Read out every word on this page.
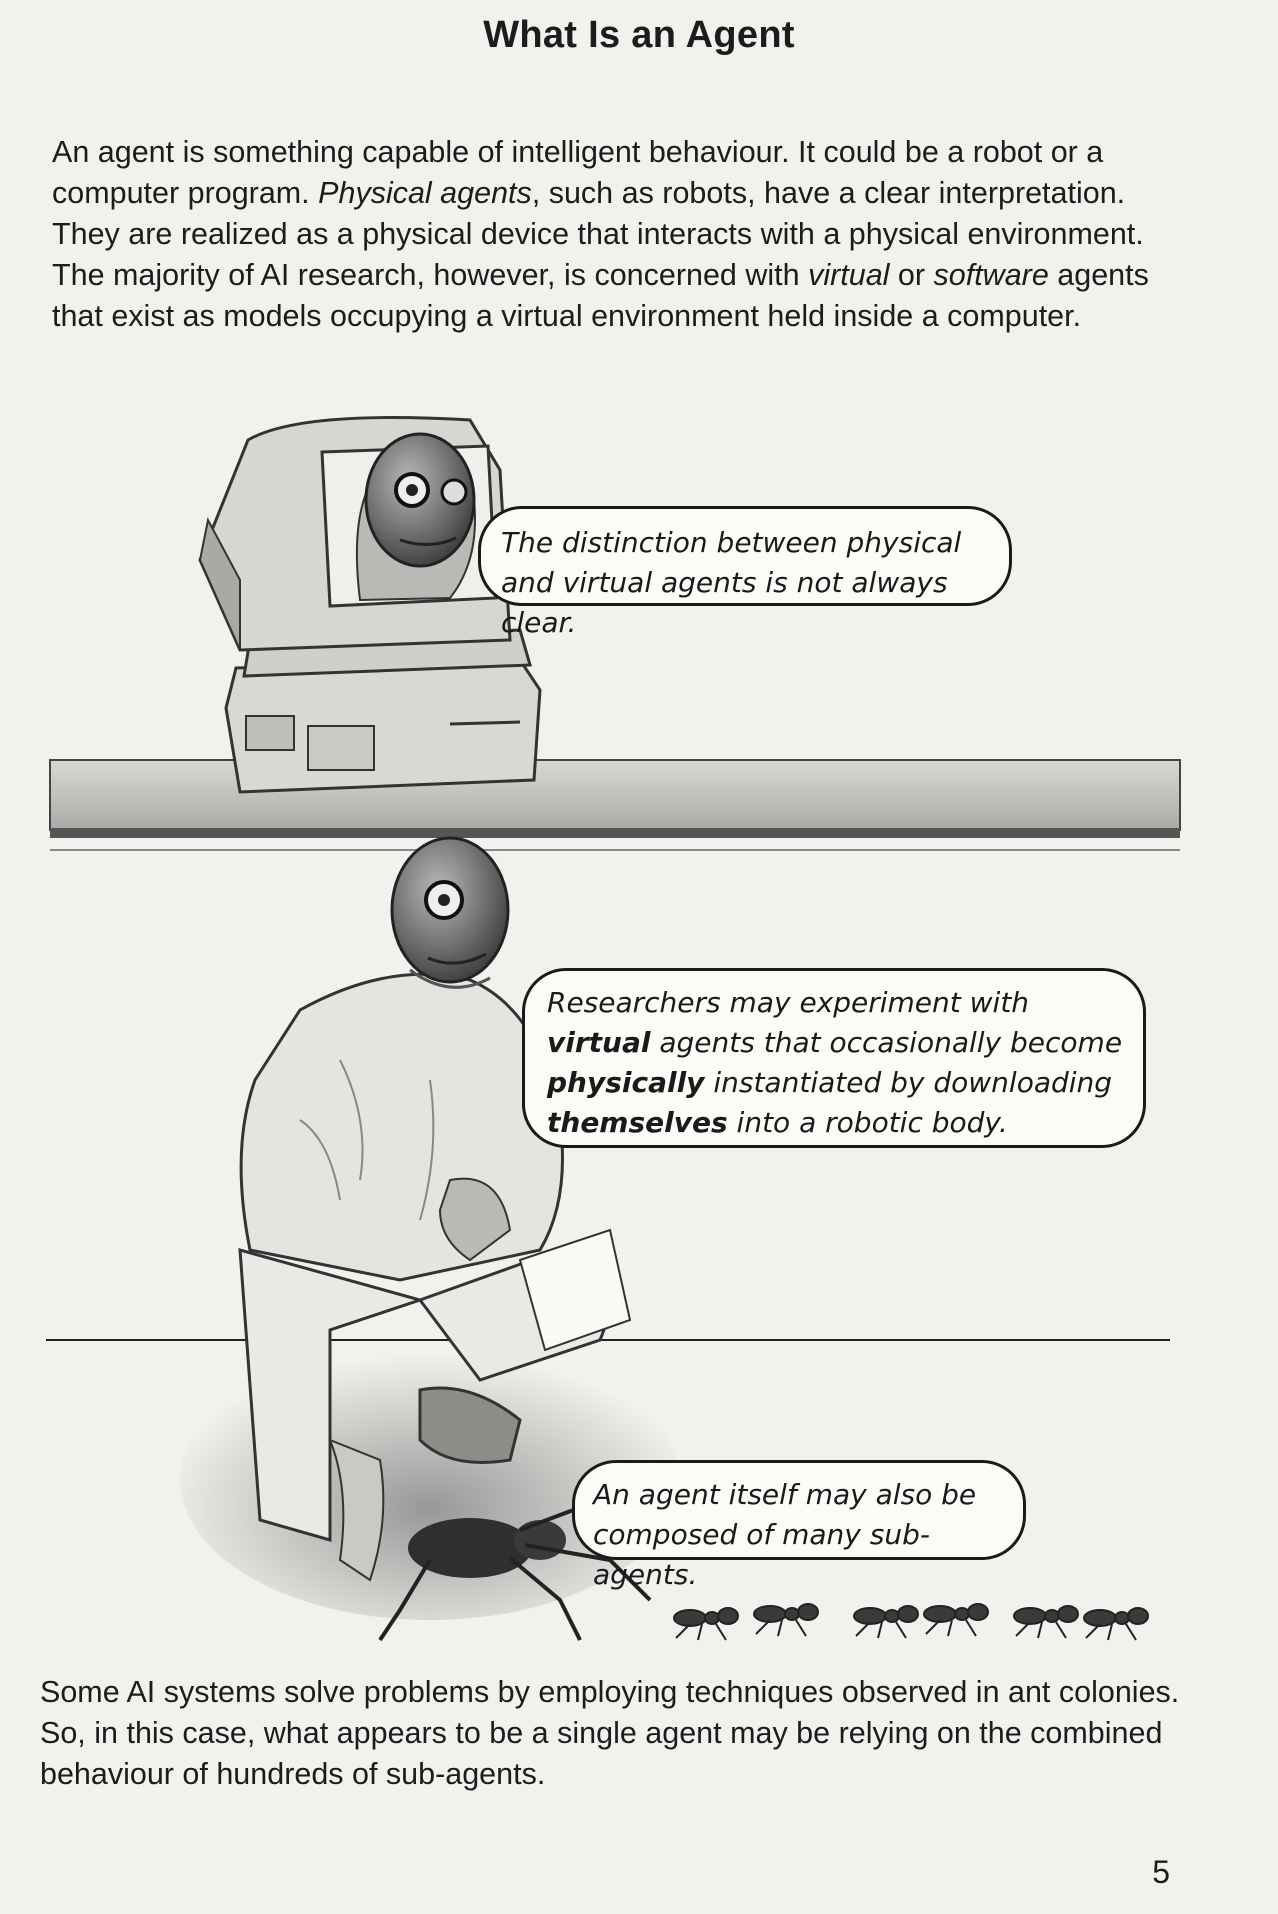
What Is an Agent

An agent is something capable of intelligent behaviour. It could be a robot or a computer program. Physical agents, such as robots, have a clear interpretation. They are realized as a physical device that interacts with a physical environment. The majority of AI research, however, is concerned with virtual or software agents that exist as models occupying a virtual environment held inside a computer.

The distinction between physical and virtual agents is not always clear.
Researchers may experiment with virtual agents that occasionally become physically instantiated by downloading themselves into a robotic body.
An agent itself may also be composed of many sub-agents.

Some AI systems solve problems by employing techniques observed in ant colonies. So, in this case, what appears to be a single agent may be relying on the combined behaviour of hundreds of sub-agents.

5
